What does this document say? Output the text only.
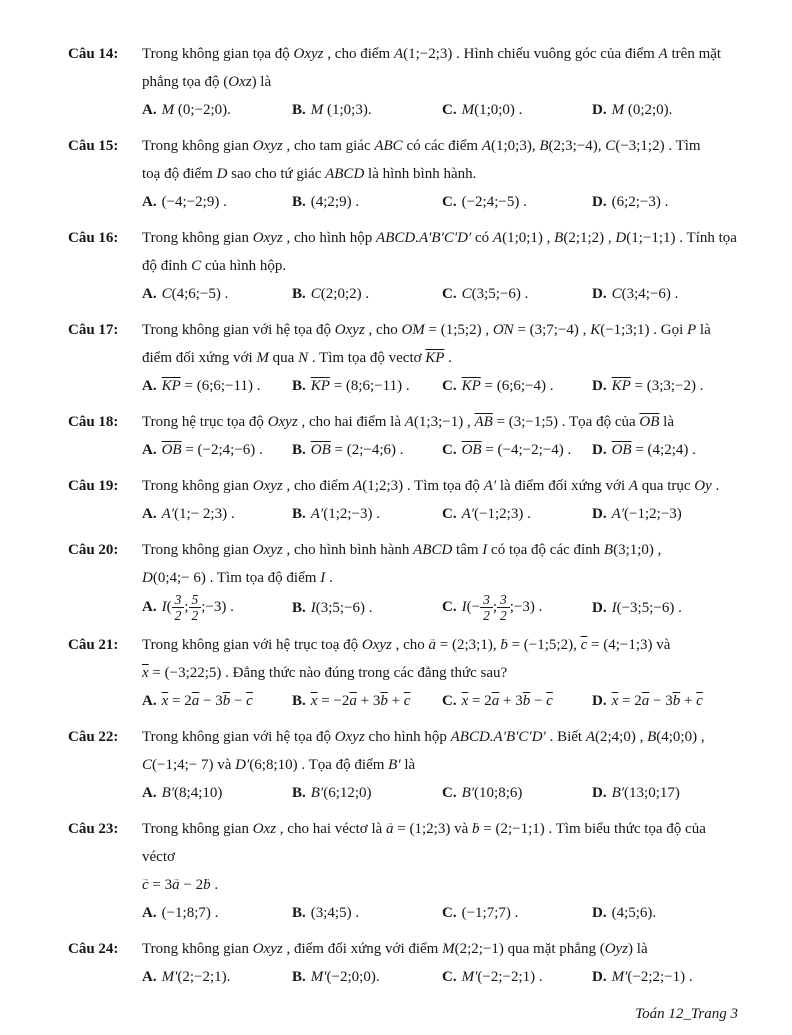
Câu 14:	Trong không gian tọa độ Oxyz , cho điểm A(1;−2;3) . Hình chiếu vuông góc của điểm A trên mặt
phẳng tọa độ (Oxz) là
A. M (0;−2;0).	B. M (1;0;3).	C. M(1;0;0) .	D. M (0;2;0).
Câu 15:	Trong không gian Oxyz , cho tam giác ABC có các điểm A(1;0;3), B(2;3;−4), C(−3;1;2) . Tìm
toạ độ điểm D sao cho tứ giác ABCD là hình bình hành.
A. (−4;−2;9) .	B. (4;2;9) .	C. (−2;4;−5) .	D. (6;2;−3) .
Câu 16:	Trong không gian Oxyz , cho hình hộp ABCD.A′B′C′D′ có A(1;0;1) , B(2;1;2) , D(1;−1;1) . Tính tọa
độ đỉnh C của hình hộp.
A. C(4;6;−5) .	B. C(2;0;2) .	C. C(3;5;−6) .	D. C(3;4;−6) .
Câu 17:	Trong không gian với hệ tọa độ Oxyz , cho OM → = (1;5;2) , ON → = (3;7;−4) , K(−1;3;1) . Gọi P là
điểm đối xứng với M qua N . Tìm tọa độ vectơ $\overline{KP}$ .
A. $\overline{KP}$ = (6;6;−11) .	B. $\overline{KP}$ = (8;6;−11) .	C. $\overline{KP}$ = (6;6;−4) .	D. $\overline{KP}$ = (3;3;−2) .
Câu 18:	Trong hệ trục tọa độ Oxyz , cho hai điểm là A(1;3;−1) , $\overline{AB}$ = (3;−1;5) . Tọa độ của $\overline{OB}$ là
A. $\overline{OB}$ = (−2;4;−6) .	B. $\overline{OB}$ = (2;−4;6) .	C. $\overline{OB}$ = (−4;−2;−4) .	D. $\overline{OB}$ = (4;2;4) .
Câu 19:	Trong không gian Oxyz , cho điểm A(1;2;3) . Tìm tọa độ A′ là điểm đối xứng với A qua trục Oy .
A. A′(1;− 2;3) .	B. A′(1;2;−3) .	C. A′(−1;2;3) .	D. A′(−1;2;−3)
Câu 20:	Trong không gian Oxyz , cho hình bình hành ABCD tâm I có tọa độ các đỉnh B(3;1;0) ,
D(0;4;− 6) . Tìm tọa độ điểm I .
A. $I( \frac{3}{2}$ ; $\frac{5}{2}$ ;−3) .	B. I(3;5;−6) .	C. $I(- \frac{3}{2}$ ; $\frac{3}{2}$ ;−3) .	D. I(−3;5;−6) .
Câu 21:	Trong không gian với hệ trục toạ độ Oxyz , cho a → = (2;3;1), b → = (−1;5;2), $\overline{c}$ = (4;−1;3) và
$\overline{x}$ = (−3;22;5) . Đẳng thức nào đúng trong các đẳng thức sau?
A. $\overline{x} = 2\overline{a} - 3\overline{b} - \overline{c}$	B. $\overline{x} = -2\overline{a} + 3\overline{b} + \overline{c}$	C. $\overline{x} = 2\overline{a} + 3\overline{b} - \overline{c}$	D. $\overline{x} = 2\overline{a} - 3\overline{b} + \overline{c}$
Câu 22:	Trong không gian với hệ tọa độ Oxyz cho hình hộp ABCD.A′B′C′D′ . Biết A(2;4;0) , B(4;0;0) ,
C(−1;4;− 7) và D′(6;8;10) . Tọa độ điểm B′ là
A. B′(8;4;10)	B. B′(6;12;0)	C. B′(10;8;6)	D. B′(13;0;17)
Câu 23:	Trong không gian Oxz , cho hai véctơ là a → = (1;2;3) và b → = (2;−1;1) . Tìm biểu thức tọa độ của véctơ
c → = 3a → − 2b → .
A. (−1;8;7) .	B. (3;4;5) .	C. (−1;7;7) .	D. (4;5;6).
Câu 24:	Trong không gian Oxyz , điểm đối xứng với điểm M(2;2;−1) qua mặt phẳng (Oyz) là
A. M′(2;−2;1).	B. M′(−2;0;0).	C. M′(−2;−2;1) .	D. M′(−2;2;−1) .
Toán 12_Trang 3
